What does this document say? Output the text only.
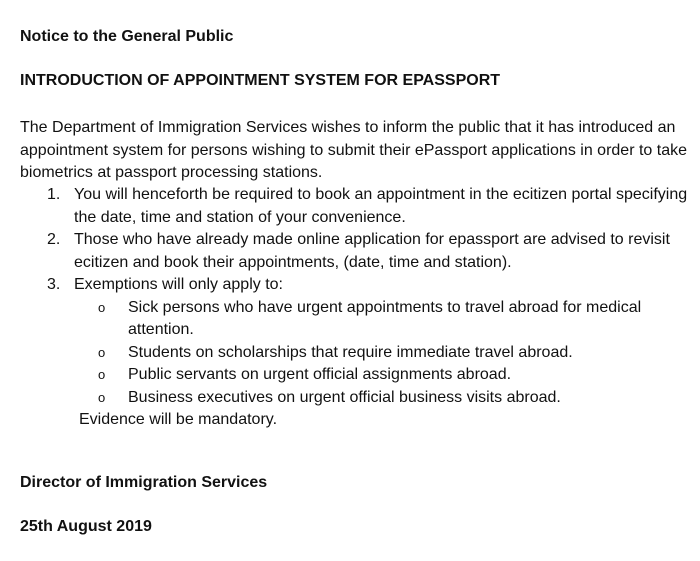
Notice to the General Public
INTRODUCTION OF APPOINTMENT SYSTEM FOR EPASSPORT
The Department of Immigration Services wishes to inform the public that it has introduced an appointment system for persons wishing to submit their ePassport applications in order to take biometrics at passport processing stations.
1. You will henceforth be required to book an appointment in the ecitizen portal specifying the date, time and station of your convenience.
2. Those who have already made online application for epassport are advised to revisit ecitizen and book their appointments, (date, time and station).
3. Exemptions will only apply to:
o Sick persons who have urgent appointments to travel abroad for medical attention.
o Students on scholarships that require immediate travel abroad.
o Public servants on urgent official assignments abroad.
o Business executives on urgent official business visits abroad.
Evidence will be mandatory.
Director of Immigration Services
25th August 2019
